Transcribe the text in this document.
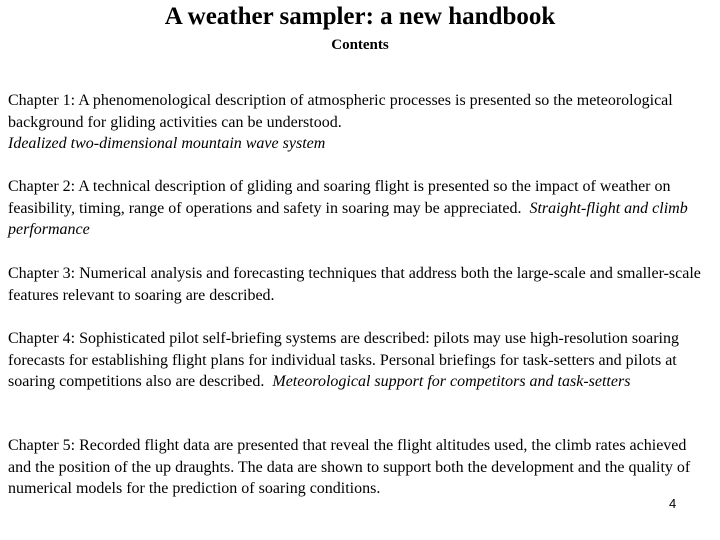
A weather sampler: a new handbook
Contents
Chapter 1: A phenomenological description of atmospheric processes is presented so the meteorological background for gliding activities can be understood.
Idealized two-dimensional mountain wave system
Chapter 2: A technical description of gliding and soaring flight is presented so the impact of weather on feasibility, timing, range of operations and safety in soaring may be appreciated. Straight-flight and climb performance
Chapter 3: Numerical analysis and forecasting techniques that address both the large-scale and smaller-scale features relevant to soaring are described.
Chapter 4: Sophisticated pilot self-briefing systems are described: pilots may use high-resolution soaring forecasts for establishing flight plans for individual tasks. Personal briefings for task-setters and pilots at soaring competitions also are described. Meteorological support for competitors and task-setters
Chapter 5: Recorded flight data are presented that reveal the flight altitudes used, the climb rates achieved and the position of the up draughts. The data are shown to support both the development and the quality of numerical models for the prediction of soaring conditions.
4
